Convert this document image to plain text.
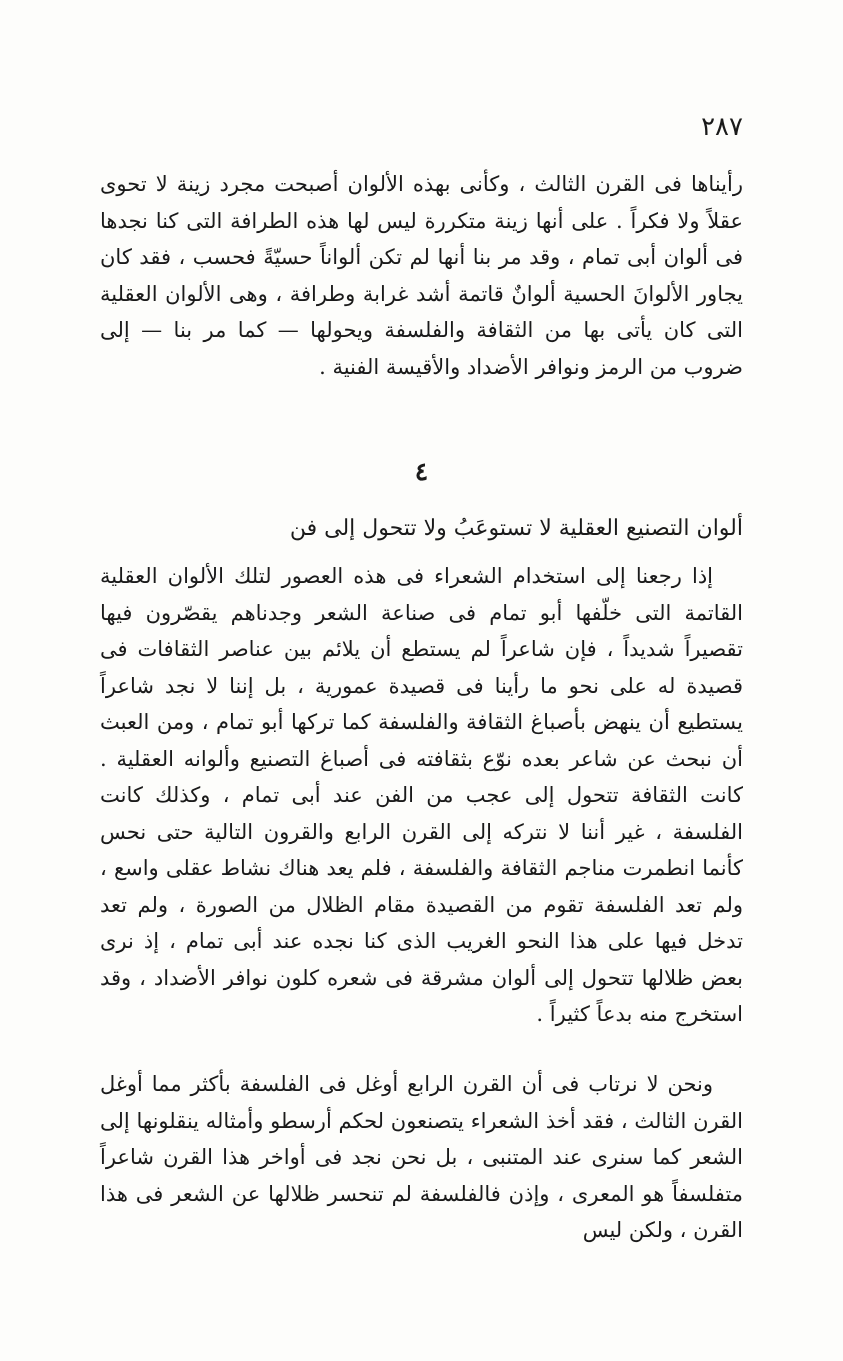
٢٨٧

رأيناها فى القرن الثالث ، وكأنى بهذه الألوان أصبحت مجرد زينة لا تحوى عقلاً ولا فكراً . على أنها زينة متكررة ليس لها هذه الطرافة التى كنا نجدها فى ألوان أبى تمام ، وقد مر بنا أنها لم تكن ألواناً حسيّةً فحسب ، فقد كان يجاور الألوانَ الحسية ألوانٌ قاتمة أشد غرابة وطرافة ، وهى الألوان العقلية التى كان يأتى بها من الثقافة والفلسفة ويحولها — كما مر بنا — إلى ضروب من الرمز ونوافر الأضداد والأقيسة الفنية .

٤
ألوان التصنيع العقلية لا تستوعَبُ ولا تتحول إلى فن

إذا رجعنا إلى استخدام الشعراء فى هذه العصور لتلك الألوان العقلية القاتمة التى خلّفها أبو تمام فى صناعة الشعر وجدناهم يقصّرون فيها تقصيراً شديداً ، فإن شاعراً لم يستطع أن يلائم بين عناصر الثقافات فى قصيدة له على نحو ما رأينا فى قصيدة عمورية ، بل إننا لا نجد شاعراً يستطيع أن ينهض بأصباغ الثقافة والفلسفة كما تركها أبو تمام ، ومن العبث أن نبحث عن شاعر بعده نوّع بثقافته فى أصباغ التصنيع وألوانه العقلية . كانت الثقافة تتحول إلى عجب من الفن عند أبى تمام ، وكذلك كانت الفلسفة ، غير أننا لا نتركه إلى القرن الرابع والقرون التالية حتى نحس كأنما انطمرت مناجم الثقافة والفلسفة ، فلم يعد هناك نشاط عقلى واسع ، ولم تعد الفلسفة تقوم من القصيدة مقام الظلال من الصورة ، ولم تعد تدخل فيها على هذا النحو الغريب الذى كنا نجده عند أبى تمام ، إذ نرى بعض ظلالها تتحول إلى ألوان مشرقة فى شعره كلون نوافر الأضداد ، وقد استخرج منه بدعاً كثيراً .

ونحن لا نرتاب فى أن القرن الرابع أوغل فى الفلسفة بأكثر مما أوغل القرن الثالث ، فقد أخذ الشعراء يتصنعون لحكم أرسطو وأمثاله ينقلونها إلى الشعر كما سنرى عند المتنبى ، بل نحن نجد فى أواخر هذا القرن شاعراً متفلسفاً هو المعرى ، وإذن فالفلسفة لم تنحسر ظلالها عن الشعر فى هذا القرن ، ولكن ليس
